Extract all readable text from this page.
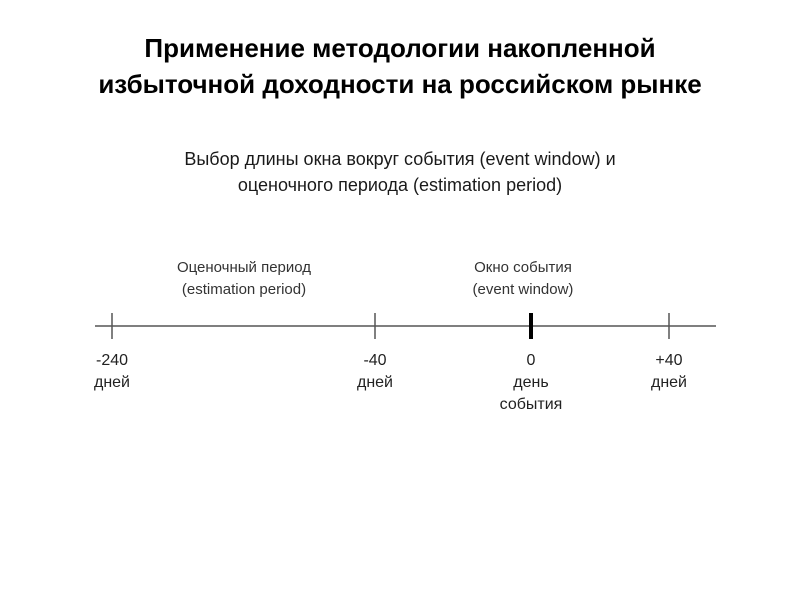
Применение методологии накопленной
избыточной доходности на российском рынке
Выбор длины окна вокруг события (event window) и
оценочного периода (estimation period)
Оценочный период
(estimation period)
Окно события
(event window)
-240
дней
-40
дней
0
день
события
+40
дней
